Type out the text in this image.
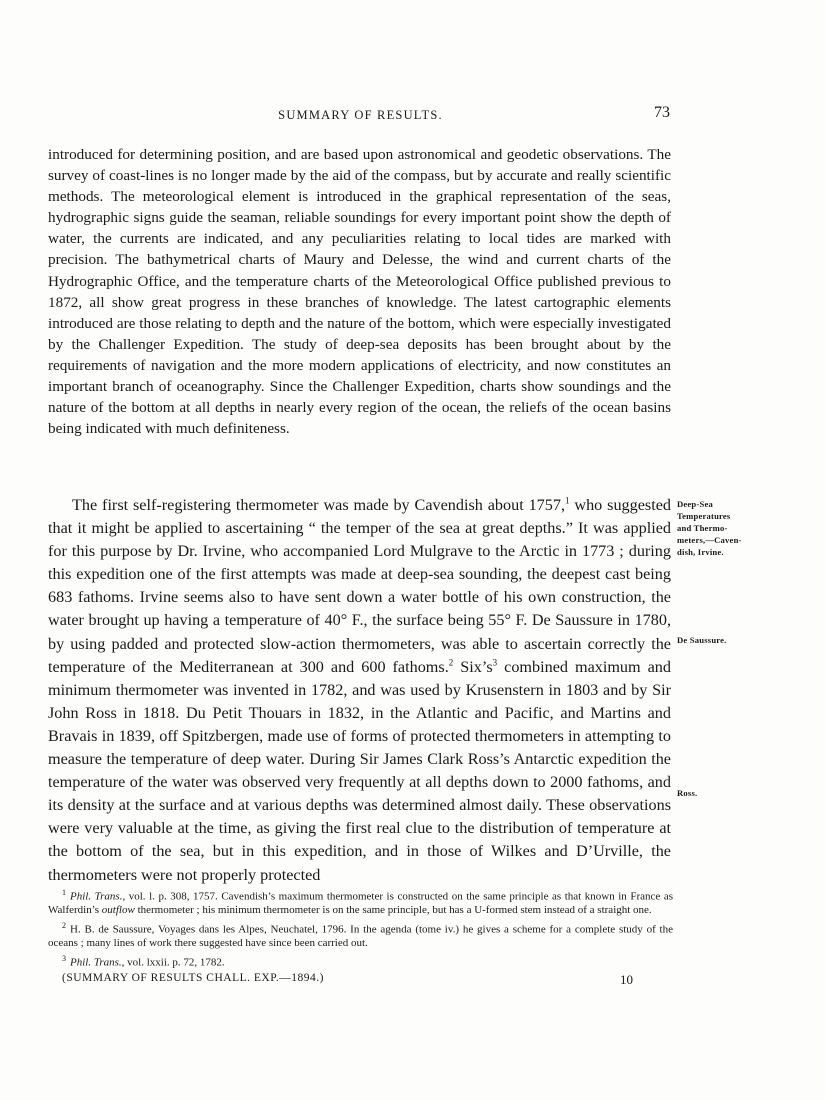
SUMMARY OF RESULTS.	73

introduced for determining position, and are based upon astronomical and geodetic observations. The survey of coast-lines is no longer made by the aid of the compass, but by accurate and really scientific methods. The meteorological element is introduced in the graphical representation of the seas, hydrographic signs guide the seaman, reliable soundings for every important point show the depth of water, the currents are indicated, and any peculiarities relating to local tides are marked with precision. The bathymetrical charts of Maury and Delesse, the wind and current charts of the Hydrographic Office, and the temperature charts of the Meteorological Office published previous to 1872, all show great progress in these branches of knowledge. The latest cartographic elements introduced are those relating to depth and the nature of the bottom, which were especially investigated by the Challenger Expedition. The study of deep-sea deposits has been brought about by the requirements of navigation and the more modern applications of electricity, and now constitutes an important branch of oceanography. Since the Challenger Expedition, charts show soundings and the nature of the bottom at all depths in nearly every region of the ocean, the reliefs of the ocean basins being indicated with much definiteness.

The first self-registering thermometer was made by Cavendish about 1757,$^1$ who suggested that it might be applied to ascertaining “ the temper of the sea at great depths.” It was applied for this purpose by Dr. Irvine, who accompanied Lord Mulgrave to the Arctic in 1773 ; during this expedition one of the first attempts was made at deep-sea sounding, the deepest cast being 683 fathoms. Irvine seems also to have sent down a water bottle of his own construction, the water brought up having a temperature of 40° F., the surface being 55° F. De Saussure in 1780, by using padded and protected slow-action thermometers, was able to ascertain correctly the temperature of the Mediterranean at 300 and 600 fathoms.$^2$ $Six’s^3$ combined maximum and minimum thermometer was invented in 1782, and was used by Krusenstern in 1803 and by Sir John Ross in 1818. Du Petit Thouars in 1832, in the Atlantic and Pacific, and Martins and Bravais in 1839, off Spitzbergen, made use of forms of protected thermometers in attempting to measure the temperature of deep water. During Sir James Clark Ross’s Antarctic expedition the temperature of the water was observed very frequently at all depths down to 2000 fathoms, and its density at the surface and at various depths was determined almost daily. These observations were very valuable at the time, as giving the first real clue to the distribution of temperature at the bottom of the sea, but in this expedition, and in those of Wilkes and D’Urville, the thermometers were not properly protected

Deep-Sea
Temperatures
and Thermo-
meters,—Caven-
dish, Irvine.
De Saussure.
Ross.

$^1$ Phil. Trans., vol. l. p. 308, 1757. Cavendish’s maximum thermometer is constructed on the same principle as that known in France as Walferdin’s outflow thermometer ; his minimum thermometer is on the same principle, but has a U-formed stem instead of a straight one.

$^2$ H. B. de Saussure, Voyages dans les Alpes, Neuchatel, 1796. In the agenda (tome iv.) he gives a scheme for a complete study of the oceans ; many lines of work there suggested have since been carried out.

$^3$ Phil. Trans., vol. lxxii. p. 72, 1782.

(SUMMARY OF RESULTS CHALL. EXP.—1894.)	10
